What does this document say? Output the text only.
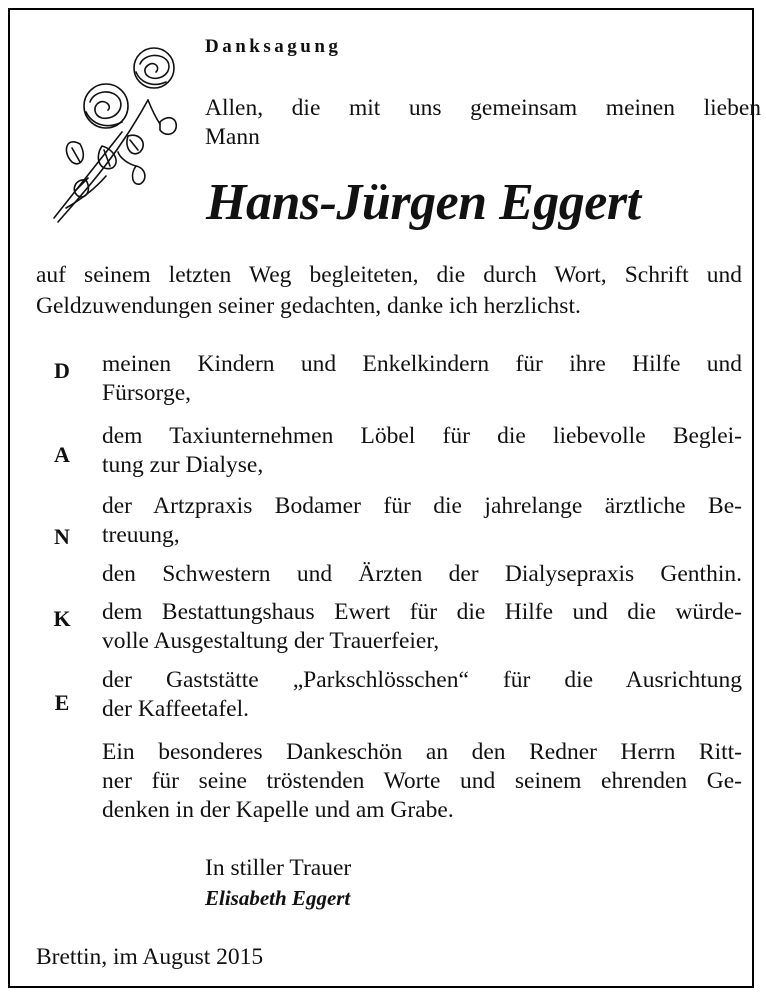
Danksagung

Allen, die mit uns gemeinsam meinen lieben

Mann
Hans-Jürgen Eggert

auf seinem letzten Weg begleiteten, die durch Wort, Schrift und
Geldzuwendungen seiner gedachten, danke ich herzlichst.

D
A
N
K
E

meinen Kindern und Enkelkindern für ihre Hilfe und
Fürsorge,

dem Taxiunternehmen Löbel für die liebevolle Beglei-
tung zur Dialyse,

der Artzpraxis Bodamer für die jahrelange ärztliche Be-
treuung,

den Schwestern und Ärzten der Dialysepraxis Genthin.

dem Bestattungshaus Ewert für die Hilfe und die würde-
volle Ausgestaltung der Trauerfeier,

der Gaststätte „Parkschlösschen“ für die Ausrichtung
der Kaffeetafel.

Ein besonderes Dankeschön an den Redner Herrn Ritt-
ner für seine tröstenden Worte und seinem ehrenden Ge-
denken in der Kapelle und am Grabe.

In stiller Trauer
Elisabeth Eggert
Brettin, im August 2015
